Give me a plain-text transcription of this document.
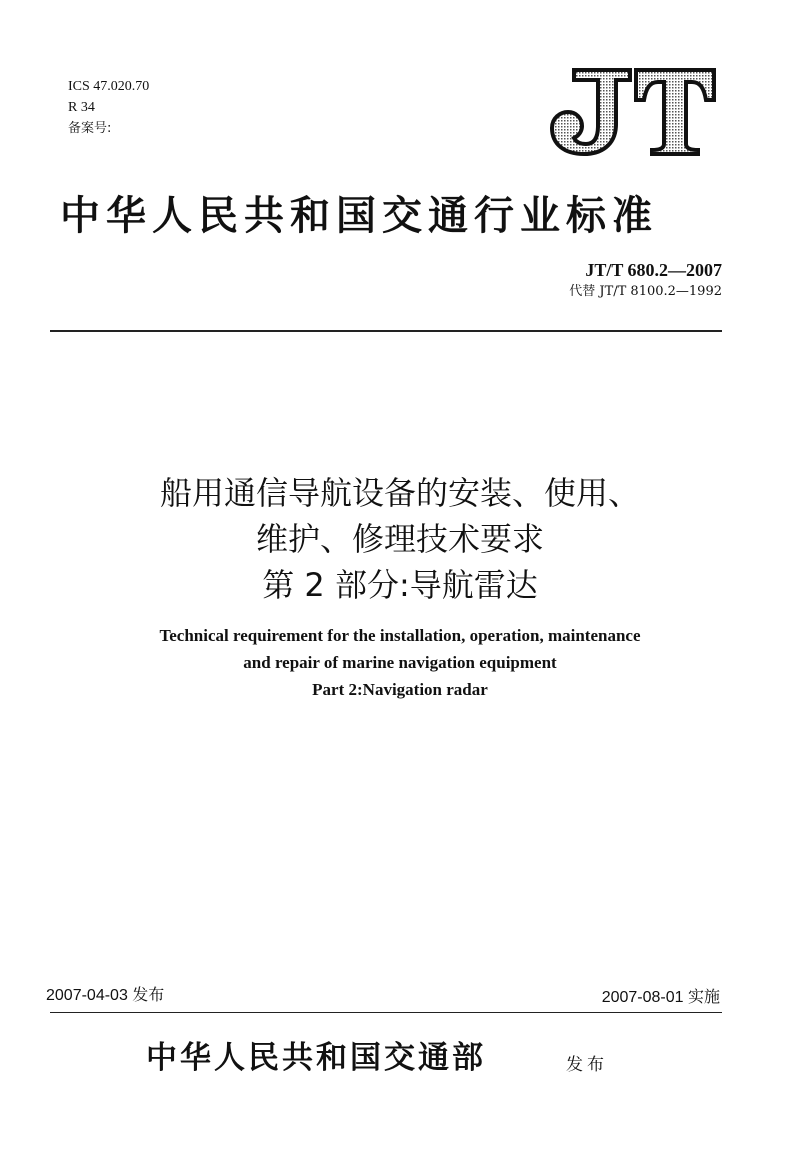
ICS 47.020.70
R 34
备案号:
中华人民共和国交通行业标准
JT/T 680.2—2007
代替 JT/T 8100.2—1992
船用通信导航设备的安装、使用、
维护、修理技术要求
第 2 部分:导航雷达
Technical requirement for the installation, operation, maintenance
and repair of marine navigation equipment
Part 2:Navigation radar
2007-04-03 发布	2007-08-01 实施
中华人民共和国交通部	发布
